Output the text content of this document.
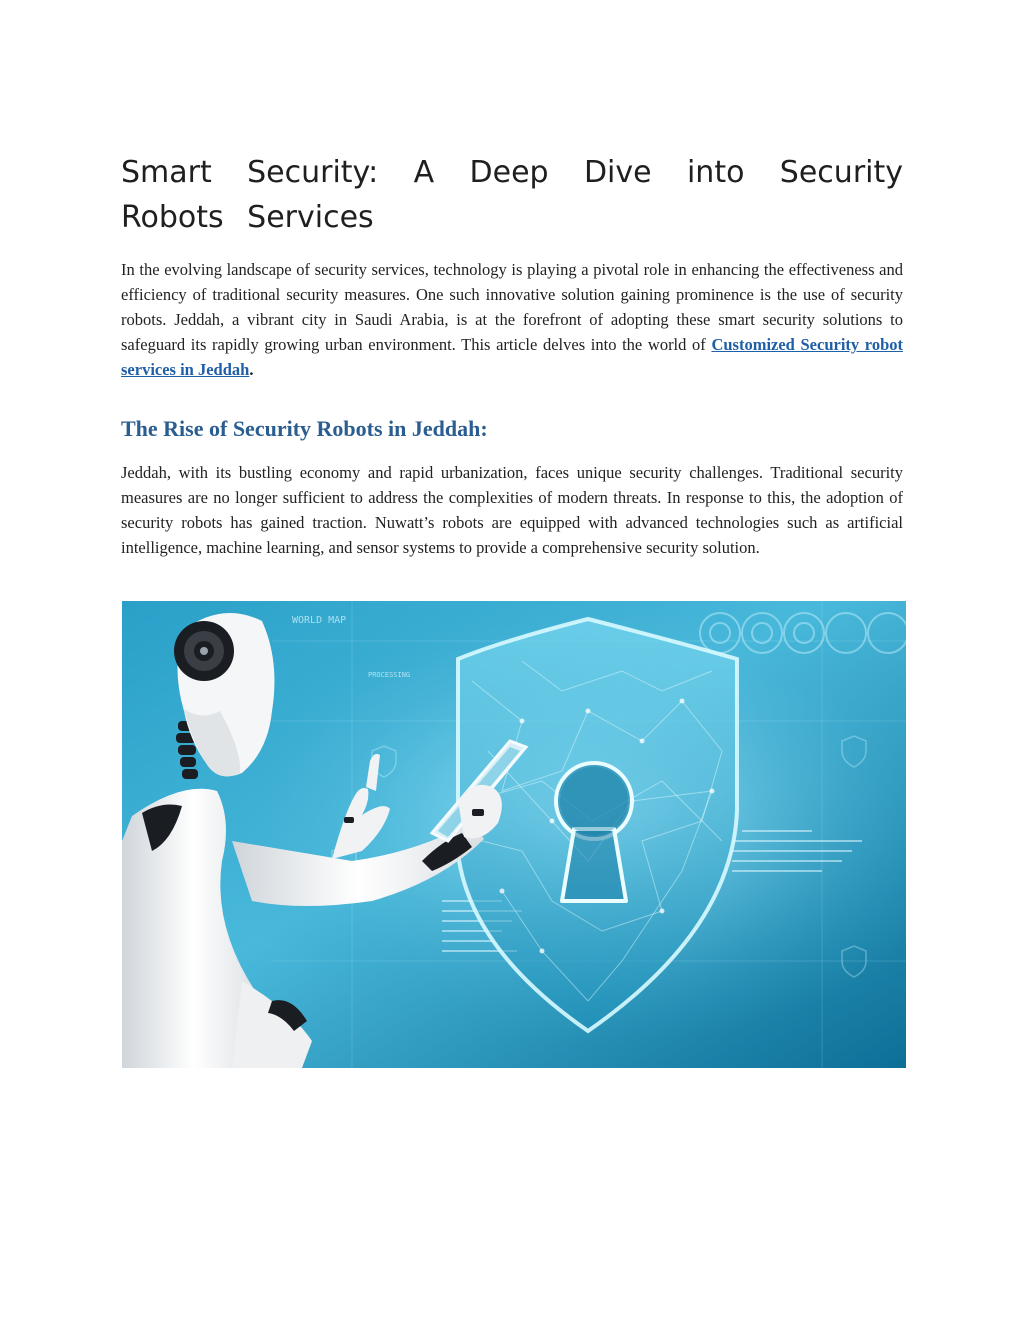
Smart Security: A Deep Dive into Security Robots Services

In the evolving landscape of security services, technology is playing a pivotal role in enhancing the effectiveness and efficiency of traditional security measures. One such innovative solution gaining prominence is the use of security robots. Jeddah, a vibrant city in Saudi Arabia, is at the forefront of adopting these smart security solutions to safeguard its rapidly growing urban environment. This article delves into the world of Customized Security robot services in Jeddah.

The Rise of Security Robots in Jeddah:

Jeddah, with its bustling economy and rapid urbanization, faces unique security challenges. Traditional security measures are no longer sufficient to address the complexities of modern threats. In response to this, the adoption of security robots has gained traction. Nuwatt’s robots are equipped with advanced technologies such as artificial intelligence, machine learning, and sensor systems to provide a comprehensive security solution.

WORLD MAP
PROCESSING
